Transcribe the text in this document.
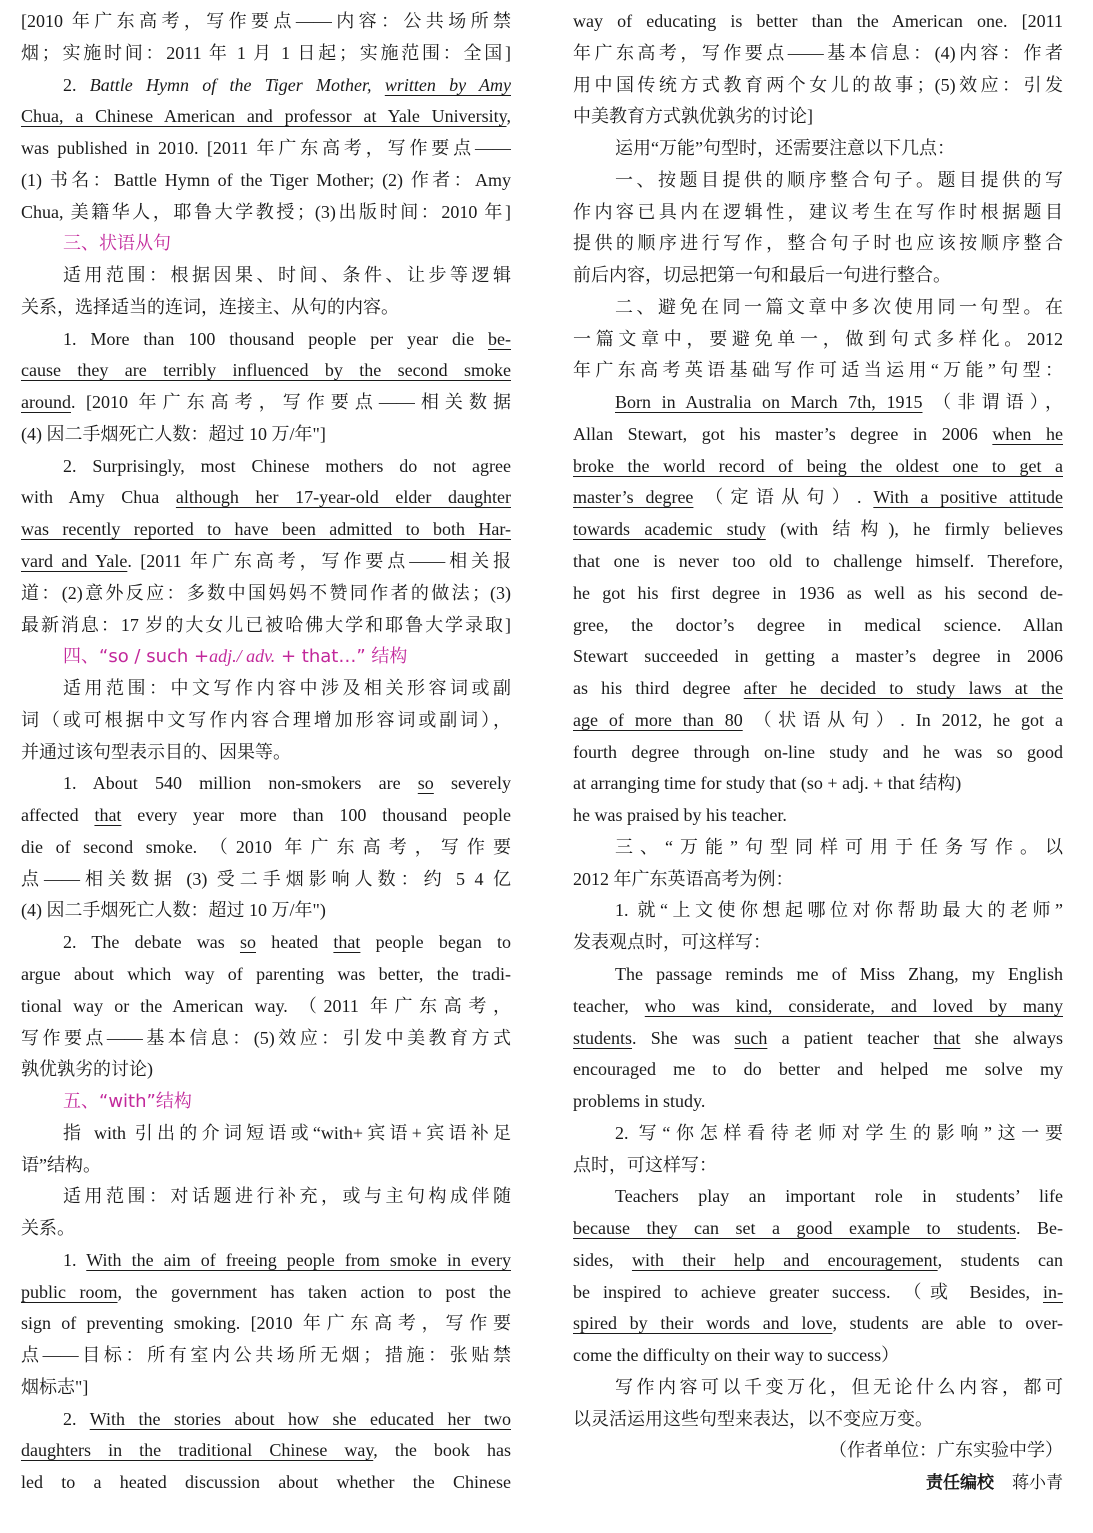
[2010 年广东高考，写作要点——内容：公共场所禁
烟；实施时间：2011 年 1 月 1 日起；实施范围：全国]
2. Battle Hymn of the Tiger Mother, written by Amy
Chua, a Chinese American and professor at Yale University,
was published in 2010. [2011 年广东高考，写作要点——
(1) 书名：Battle Hymn of the Tiger Mother; (2) 作者：Amy
Chua, 美籍华人，耶鲁大学教授；(3)出版时间：2010 年]
三、状语从句
适用范围：根据因果、时间、条件、让步等逻辑
关系，选择适当的连词，连接主、从句的内容。
1. More than 100 thousand people per year die be-
cause they are terribly influenced by the second smoke
around. [2010 年广东高考，写作要点——相关数据
(4) 因二手烟死亡人数：超过 10 万/年"]
2. Surprisingly, most Chinese mothers do not agree
with Amy Chua although her 17-year-old elder daughter
was recently reported to have been admitted to both Har-
vard and Yale. [2011 年广东高考，写作要点——相关报
道：(2)意外反应：多数中国妈妈不赞同作者的做法；(3)
最新消息：17 岁的大女儿已被哈佛大学和耶鲁大学录取]
四、“so / such +adj./ adv. + that…” 结构
适用范围：中文写作内容中涉及相关形容词或副
词（或可根据中文写作内容合理增加形容词或副词），
并通过该句型表示目的、因果等。
1. About 540 million non-smokers are so severely
affected that every year more than 100 thousand people
die of second smoke. （2010 年广东高考，写作要
点——相关数据 (3) 受二手烟影响人数：约 5 4 亿
(4) 因二手烟死亡人数：超过 10 万/年")
2. The debate was so heated that people began to
argue about which way of parenting was better, the tradi-
tional way or the American way. （2011 年广东高考，
写作要点——基本信息：(5)效应：引发中美教育方式
孰优孰劣的讨论)
五、“with”结构
指 with 引出的介词短语或“with+宾语+宾语补足
语”结构。
适用范围：对话题进行补充，或与主句构成伴随
关系。
1. With the aim of freeing people from smoke in every
public room, the government has taken action to post the
sign of preventing smoking. [2010 年广东高考，写作要
点——目标：所有室内公共场所无烟；措施：张贴禁
烟标志"]
2. With the stories about how she educated her two
daughters in the traditional Chinese way, the book has
led to a heated discussion about whether the Chinese
way of educating is better than the American one. [2011
年广东高考，写作要点——基本信息：(4)内容：作者
用中国传统方式教育两个女儿的故事；(5)效应：引发
中美教育方式孰优孰劣的讨论]
运用“万能”句型时，还需要注意以下几点：
一、按题目提供的顺序整合句子。题目提供的写
作内容已具内在逻辑性，建议考生在写作时根据题目
提供的顺序进行写作，整合句子时也应该按顺序整合
前后内容，切忌把第一句和最后一句进行整合。
二、避免在同一篇文章中多次使用同一句型。在
一篇文章中，要避免单一，做到句式多样化。2012
年广东高考英语基础写作可适当运用“万能”句型：
Born in Australia on March 7th, 1915 （非谓语），
Allan Stewart, got his master’s degree in 2006 when he
broke the world record of being the oldest one to get a
master’s degree （定语从句）. With a positive attitude
towards academic study (with 结构), he firmly believes
that one is never too old to challenge himself. Therefore,
he got his first degree in 1936 as well as his second de-
gree, the doctor’s degree in medical science. Allan
Stewart succeeded in getting a master’s degree in 2006
as his third degree after he decided to study laws at the
age of more than 80 （状语从句）. In 2012, he got a
fourth degree through on-line study and he was so good
at arranging time for study that (so + adj. + that 结构)
he was praised by his teacher.
三、“万能”句型同样可用于任务写作。以
2012 年广东英语高考为例：
1. 就“上文使你想起哪位对你帮助最大的老师”
发表观点时，可这样写：
The passage reminds me of Miss Zhang, my English
teacher, who was kind, considerate, and loved by many
students. She was such a patient teacher that she always
encouraged me to do better and helped me solve my
problems in study.
2. 写“你怎样看待老师对学生的影响”这一要
点时，可这样写：
Teachers play an important role in students’ life
because they can set a good example to students. Be-
sides, with their help and encouragement, students can
be inspired to achieve greater success. （或 Besides, in-
spired by their words and love, students are able to over-
come the difficulty on their way to success）
写作内容可以千变万化，但无论什么内容，都可
以灵活运用这些句型来表达，以不变应万变。
（作者单位：广东实验中学）
责任编校  蒋小青
